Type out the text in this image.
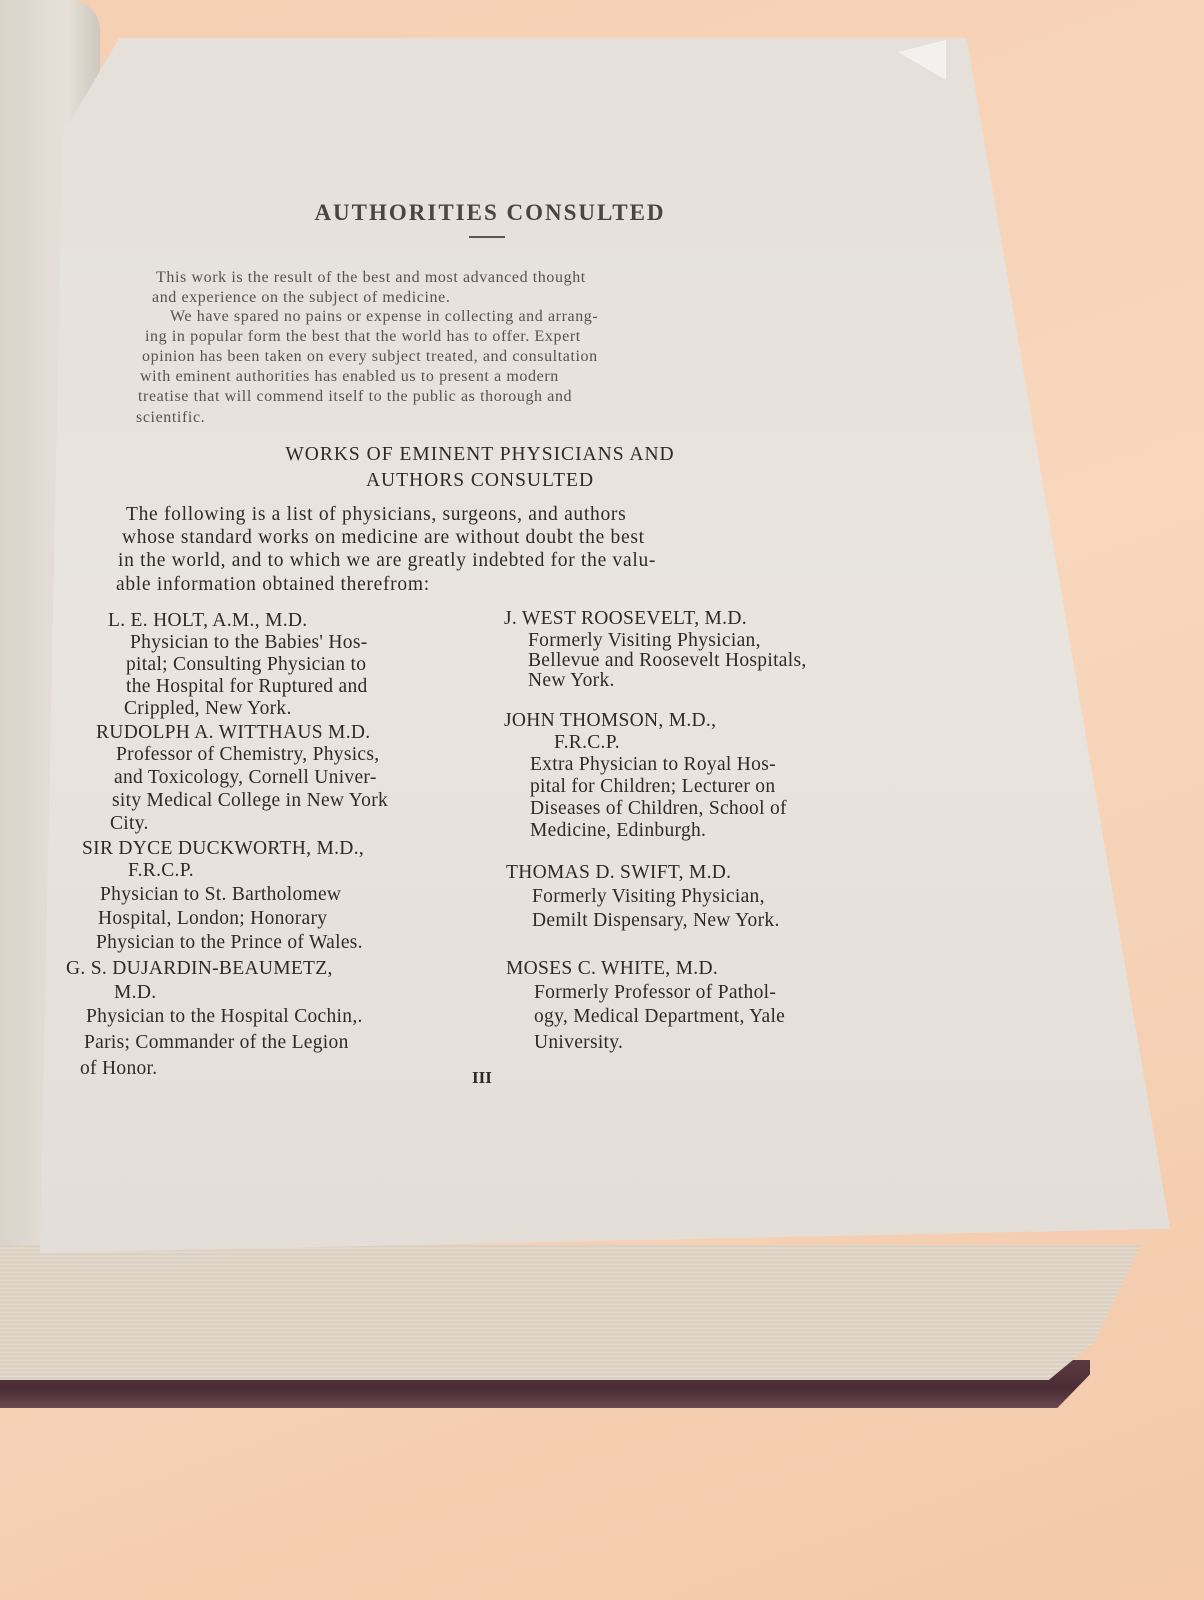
AUTHORITIES CONSULTED
This work is the result of the best and most advanced thought
and experience on the subject of medicine.
We have spared no pains or expense in collecting and arrang-
ing in popular form the best that the world has to offer. Expert
opinion has been taken on every subject treated, and consultation
with eminent authorities has enabled us to present a modern
treatise that will commend itself to the public as thorough and
scientific.
WORKS OF EMINENT PHYSICIANS AND
AUTHORS CONSULTED
The following is a list of physicians, surgeons, and authors
whose standard works on medicine are without doubt the best
in the world, and to which we are greatly indebted for the valu-
able information obtained therefrom:
L. E. HOLT, A.M., M.D.
Physician to the Babies' Hos-
pital; Consulting Physician to
the Hospital for Ruptured and
Crippled, New York.
RUDOLPH A. WITTHAUS M.D.
Professor of Chemistry, Physics,
and Toxicology, Cornell Univer-
sity Medical College in New York
City.
SIR DYCE DUCKWORTH, M.D.,
F.R.C.P.
Physician to St. Bartholomew
Hospital, London; Honorary
Physician to the Prince of Wales.
G. S. DUJARDIN-BEAUMETZ,
M.D.
Physician to the Hospital Cochin,.
Paris; Commander of the Legion
of Honor.
J. WEST ROOSEVELT, M.D.
Formerly Visiting Physician,
Bellevue and Roosevelt Hospitals,
New York.
JOHN THOMSON, M.D.,
F.R.C.P.
Extra Physician to Royal Hos-
pital for Children; Lecturer on
Diseases of Children, School of
Medicine, Edinburgh.
THOMAS D. SWIFT, M.D.
Formerly Visiting Physician,
Demilt Dispensary, New York.
MOSES C. WHITE, M.D.
Formerly Professor of Pathol-
ogy, Medical Department, Yale
University.
III
